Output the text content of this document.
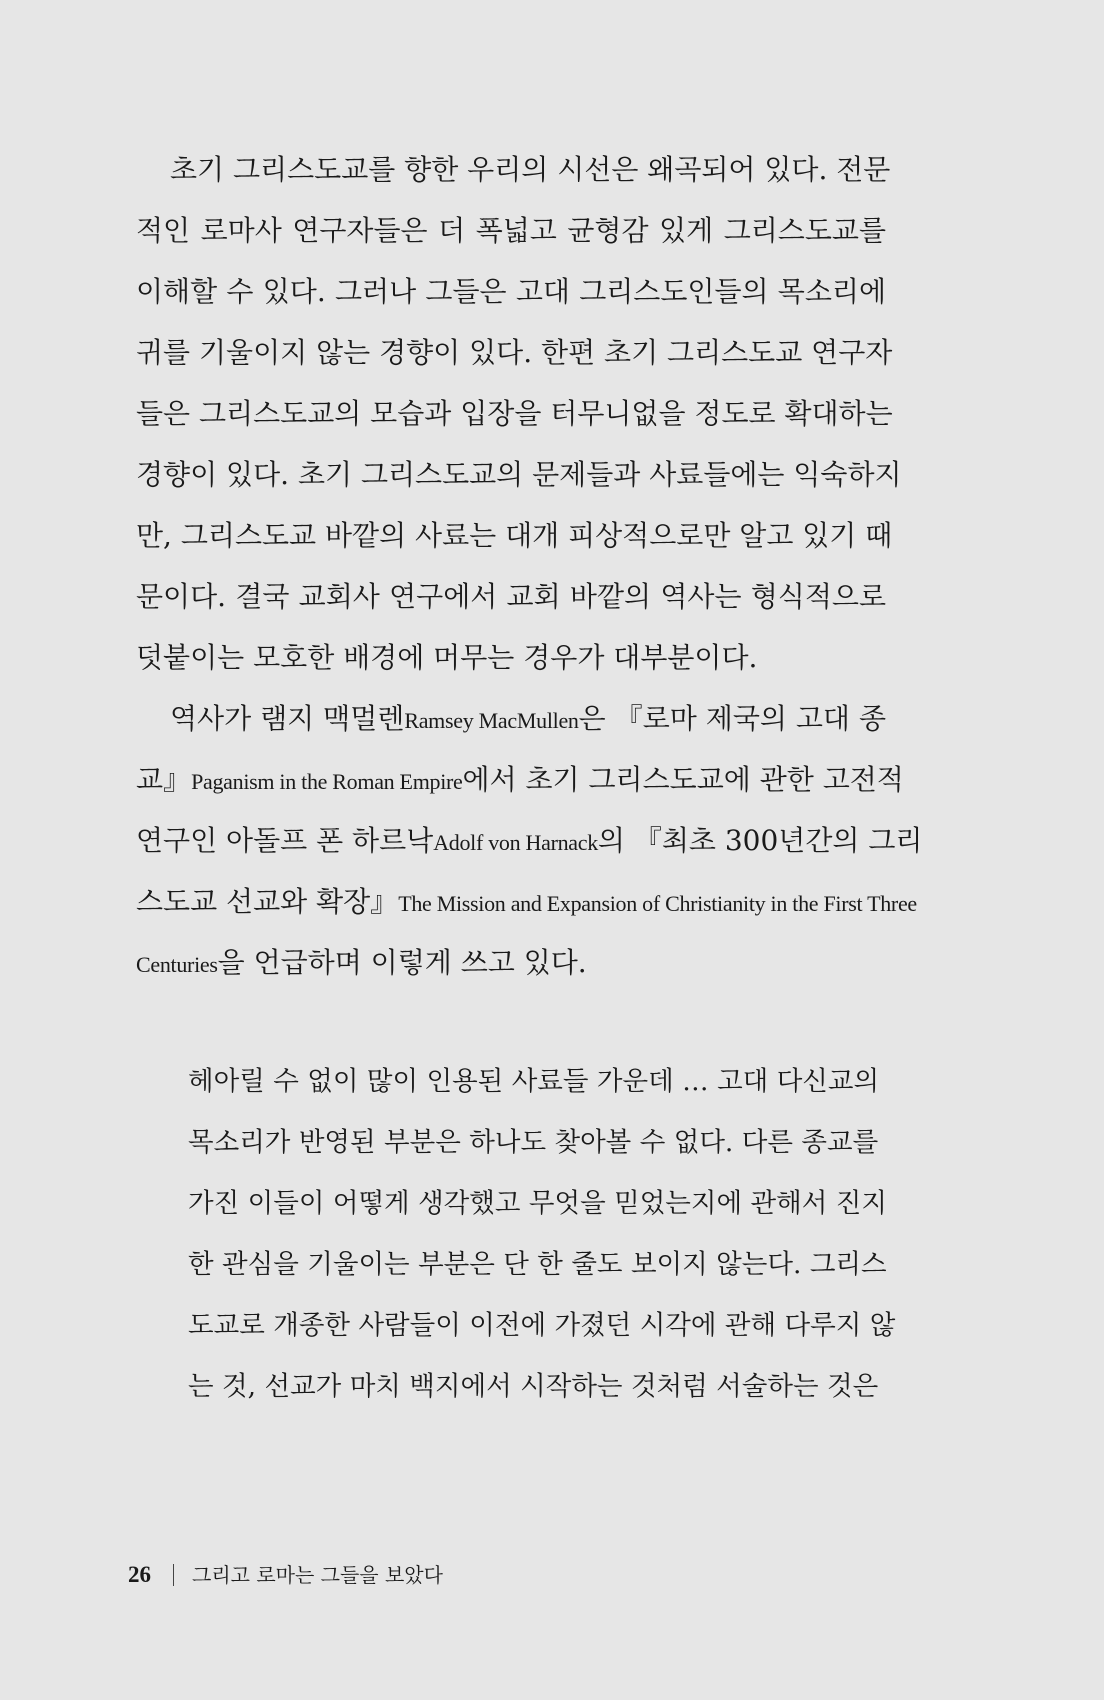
초기 그리스도교를 향한 우리의 시선은 왜곡되어 있다. 전문
적인 로마사 연구자들은 더 폭넓고 균형감 있게 그리스도교를
이해할 수 있다. 그러나 그들은 고대 그리스도인들의 목소리에
귀를 기울이지 않는 경향이 있다. 한편 초기 그리스도교 연구자
들은 그리스도교의 모습과 입장을 터무니없을 정도로 확대하는
경향이 있다. 초기 그리스도교의 문제들과 사료들에는 익숙하지
만, 그리스도교 바깥의 사료는 대개 피상적으로만 알고 있기 때
문이다. 결국 교회사 연구에서 교회 바깥의 역사는 형식적으로
덧붙이는 모호한 배경에 머무는 경우가 대부분이다.
역사가 램지 맥멀렌Ramsey MacMullen은 『로마 제국의 고대 종
교』Paganism in the Roman Empire에서 초기 그리스도교에 관한 고전적
연구인 아돌프 폰 하르낙Adolf von Harnack의 『최초 300년간의 그리
스도교 선교와 확장』The Mission and Expansion of Christianity in the First Three
Centuries을 언급하며 이렇게 쓰고 있다.
헤아릴 수 없이 많이 인용된 사료들 가운데 … 고대 다신교의
목소리가 반영된 부분은 하나도 찾아볼 수 없다. 다른 종교를
가진 이들이 어떻게 생각했고 무엇을 믿었는지에 관해서 진지
한 관심을 기울이는 부분은 단 한 줄도 보이지 않는다. 그리스
도교로 개종한 사람들이 이전에 가졌던 시각에 관해 다루지 않
는 것, 선교가 마치 백지에서 시작하는 것처럼 서술하는 것은
26 그리고 로마는 그들을 보았다
